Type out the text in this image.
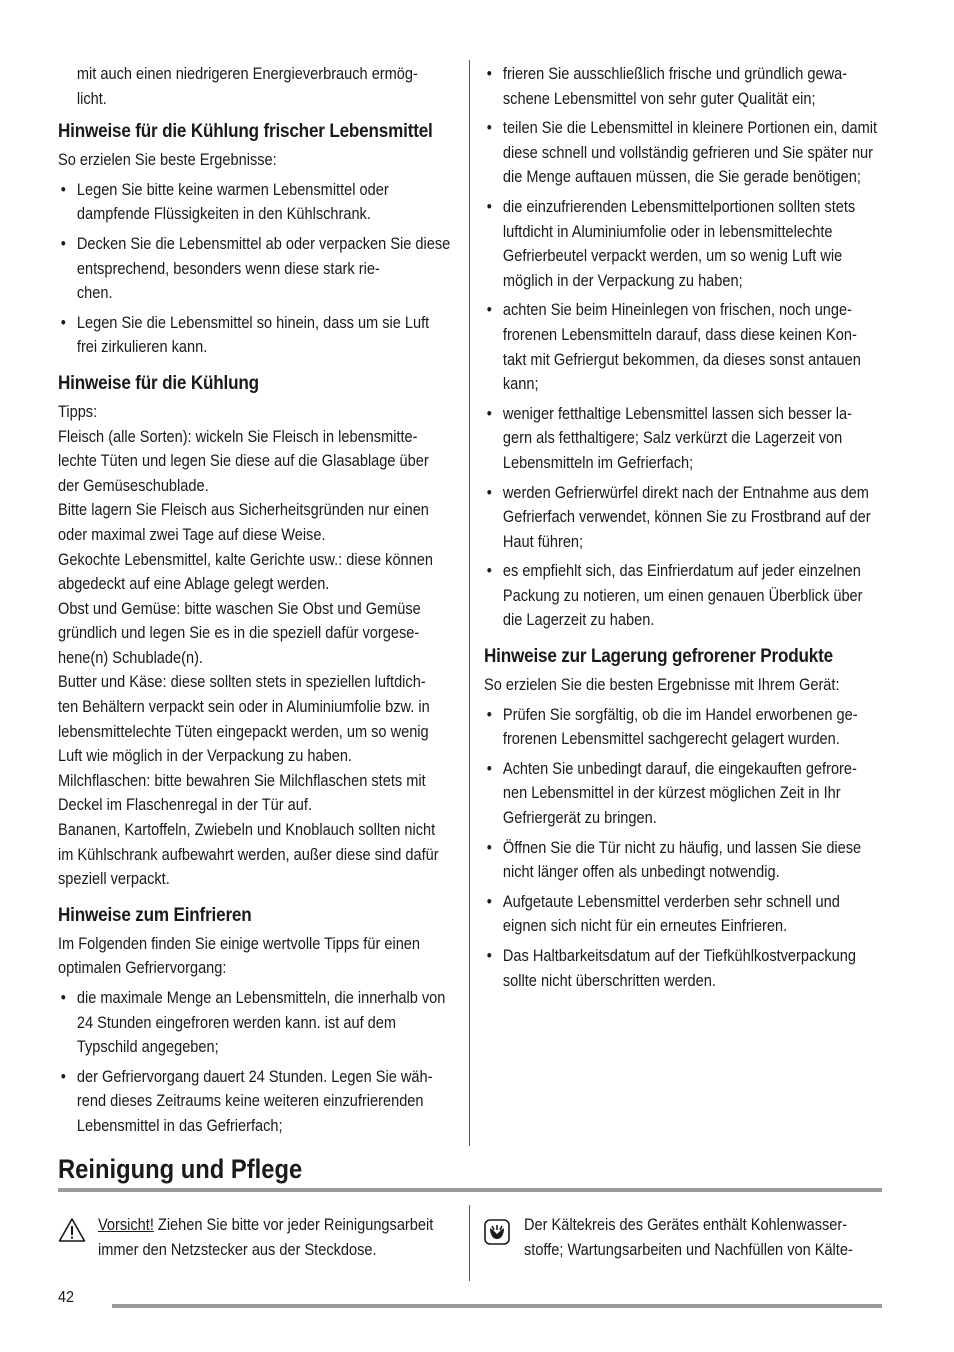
mit auch einen niedrigeren Energieverbrauch ermög-
licht.

Hinweise für die Kühlung frischer Lebensmittel

So erzielen Sie beste Ergebnisse:

• Legen Sie bitte keine warmen Lebensmittel oder dampfende Flüssigkeiten in den Kühlschrank.
• Decken Sie die Lebensmittel ab oder verpacken Sie diese entsprechend, besonders wenn diese stark rie-
chen.
• Legen Sie die Lebensmittel so hinein, dass um sie Luft frei zirkulieren kann.
Hinweise für die Kühlung

Tipps:

Fleisch (alle Sorten): wickeln Sie Fleisch in lebensmitte-
lechte Tüten und legen Sie diese auf die Glasablage über der Gemüseschublade.

Bitte lagern Sie Fleisch aus Sicherheitsgründen nur einen oder maximal zwei Tage auf diese Weise.

Gekochte Lebensmittel, kalte Gerichte usw.: diese können abgedeckt auf eine Ablage gelegt werden.

Obst und Gemüse: bitte waschen Sie Obst und Gemüse gründlich und legen Sie es in die speziell dafür vorgese-
hene(n) Schublade(n).

Butter und Käse: diese sollten stets in speziellen luftdich-
ten Behältern verpackt sein oder in Aluminiumfolie bzw. in lebensmittelechte Tüten eingepackt werden, um so wenig Luft wie möglich in der Verpackung zu haben.

Milchflaschen: bitte bewahren Sie Milchflaschen stets mit Deckel im Flaschenregal in der Tür auf.

Bananen, Kartoffeln, Zwiebeln und Knoblauch sollten nicht im Kühlschrank aufbewahrt werden, außer diese sind dafür speziell verpackt.

Hinweise zum Einfrieren

Im Folgenden finden Sie einige wertvolle Tipps für einen optimalen Gefriervorgang:

• die maximale Menge an Lebensmitteln, die innerhalb von 24 Stunden eingefroren werden kann. ist auf dem Typschild angegeben;
• der Gefriervorgang dauert 24 Stunden. Legen Sie wäh-
rend dieses Zeitraums keine weiteren einzufrierenden Lebensmittel in das Gefrierfach;
• frieren Sie ausschließlich frische und gründlich gewa-
schene Lebensmittel von sehr guter Qualität ein;
• teilen Sie die Lebensmittel in kleinere Portionen ein, damit diese schnell und vollständig gefrieren und Sie später nur die Menge auftauen müssen, die Sie gerade benötigen;
• die einzufrierenden Lebensmittelportionen sollten stets luftdicht in Aluminiumfolie oder in lebensmittelechte Gefrierbeutel verpackt werden, um so wenig Luft wie möglich in der Verpackung zu haben;
• achten Sie beim Hineinlegen von frischen, noch unge-
frorenen Lebensmitteln darauf, dass diese keinen Kon-
takt mit Gefriergut bekommen, da dieses sonst antauen kann;
• weniger fetthaltige Lebensmittel lassen sich besser la-
gern als fetthaltigere; Salz verkürzt die Lagerzeit von Lebensmitteln im Gefrierfach;
• werden Gefrierwürfel direkt nach der Entnahme aus dem Gefrierfach verwendet, können Sie zu Frostbrand auf der Haut führen;
• es empfiehlt sich, das Einfrierdatum auf jeder einzelnen Packung zu notieren, um einen genauen Überblick über die Lagerzeit zu haben.
Hinweise zur Lagerung gefrorener Produkte

So erzielen Sie die besten Ergebnisse mit Ihrem Gerät:

• Prüfen Sie sorgfältig, ob die im Handel erworbenen ge-
frorenen Lebensmittel sachgerecht gelagert wurden.
• Achten Sie unbedingt darauf, die eingekauften gefrore-
nen Lebensmittel in der kürzest möglichen Zeit in Ihr Gefriergerät zu bringen.
• Öffnen Sie die Tür nicht zu häufig, und lassen Sie diese nicht länger offen als unbedingt notwendig.
• Aufgetaute Lebensmittel verderben sehr schnell und eignen sich nicht für ein erneutes Einfrieren.
• Das Haltbarkeitsdatum auf der Tiefkühlkostverpackung sollte nicht überschritten werden.
Reinigung und Pflege
Vorsicht! Ziehen Sie bitte vor jeder Reinigungsarbeit immer den Netzstecker aus der Steckdose.
Der Kältekreis des Gerätes enthält Kohlenwasser-
stoffe; Wartungsarbeiten und Nachfüllen von Kälte-
42
